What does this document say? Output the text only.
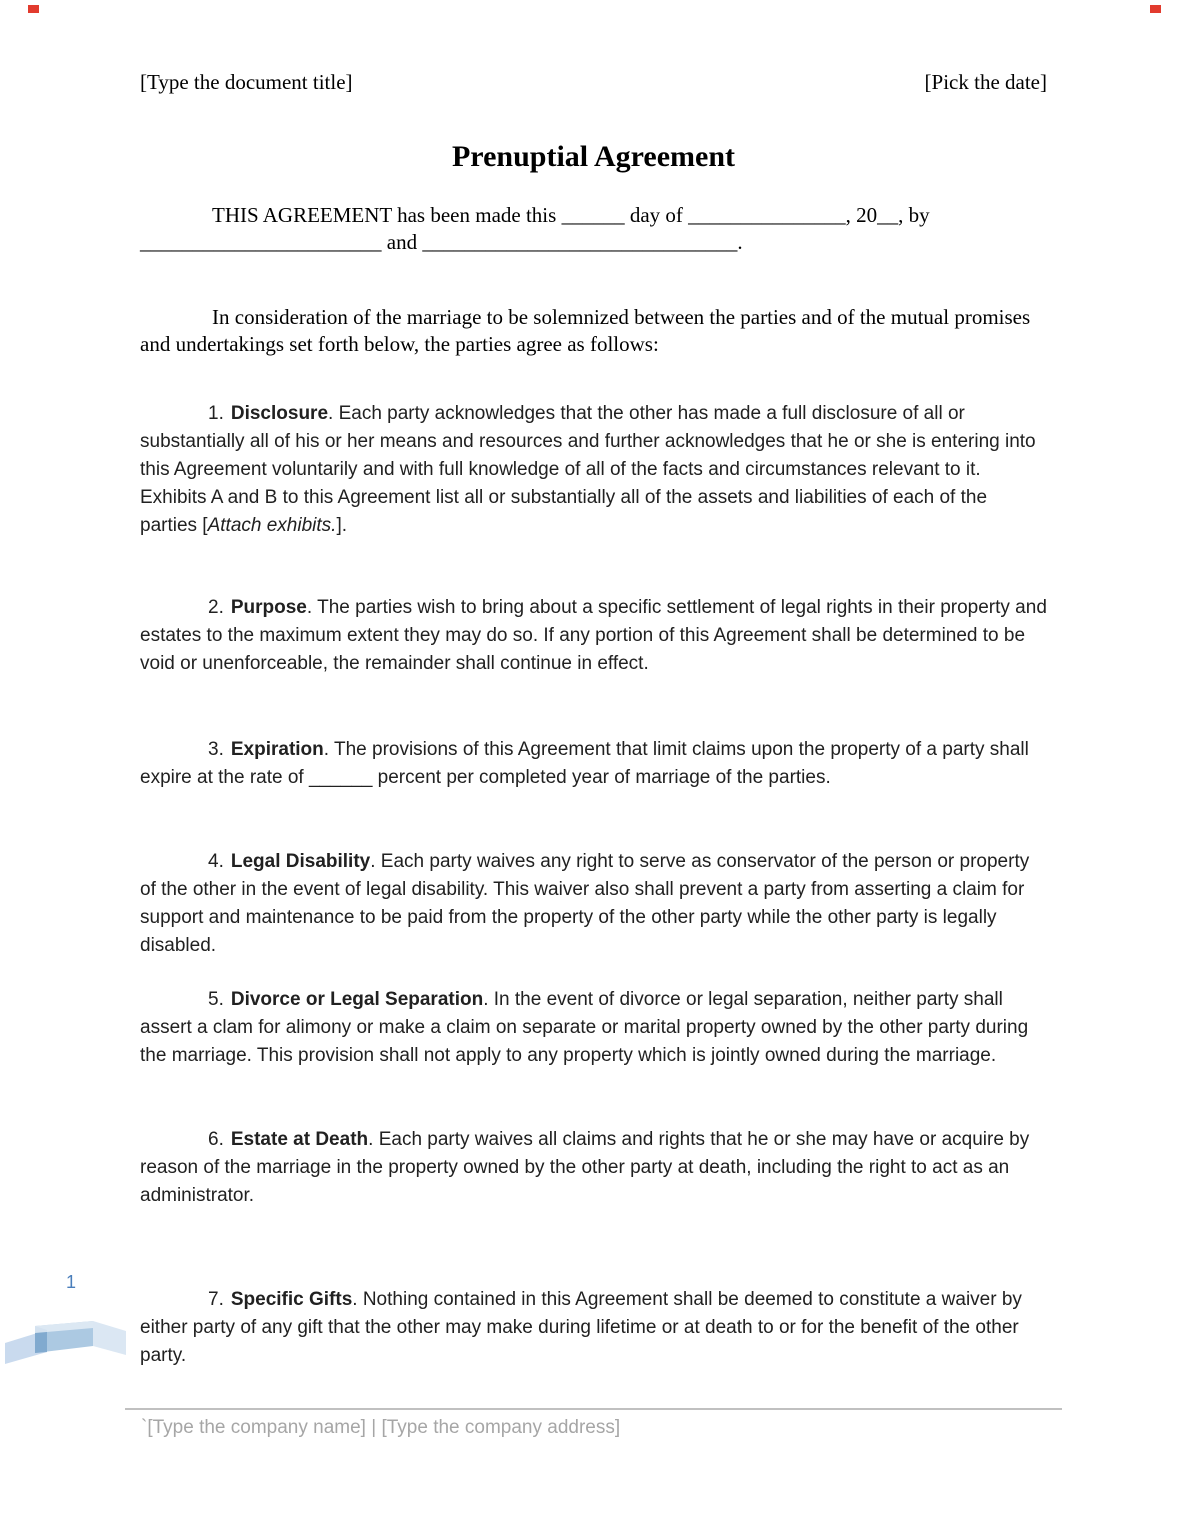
[Type the document title]	[Pick the date]
Prenuptial Agreement
THIS AGREEMENT has been made this ______ day of _______________, 20__, by
_______________________ and ______________________________.

In consideration of the marriage to be solemnized between the parties and of the mutual promises and undertakings set forth below, the parties agree as follows:

1. Disclosure. Each party acknowledges that the other has made a full disclosure of all or substantially all of his or her means and resources and further acknowledges that he or she is entering into this Agreement voluntarily and with full knowledge of all of the facts and circumstances relevant to it. Exhibits A and B to this Agreement list all or substantially all of the assets and liabilities of each of the parties [Attach exhibits.].

2. Purpose. The parties wish to bring about a specific settlement of legal rights in their property and estates to the maximum extent they may do so. If any portion of this Agreement shall be determined to be void or unenforceable, the remainder shall continue in effect.

3. Expiration. The provisions of this Agreement that limit claims upon the property of a party shall expire at the rate of ______ percent per completed year of marriage of the parties.

4. Legal Disability. Each party waives any right to serve as conservator of the person or property of the other in the event of legal disability. This waiver also shall prevent a party from asserting a claim for support and maintenance to be paid from the property of the other party while the other party is legally disabled.

5. Divorce or Legal Separation. In the event of divorce or legal separation, neither party shall assert a clam for alimony or make a claim on separate or marital property owned by the other party during the marriage. This provision shall not apply to any property which is jointly owned during the marriage.

6. Estate at Death. Each party waives all claims and rights that he or she may have or acquire by reason of the marriage in the property owned by the other party at death, including the right to act as an administrator.

7. Specific Gifts. Nothing contained in this Agreement shall be deemed to constitute a waiver by either party of any gift that the other may make during lifetime or at death to or for the benefit of the other party.

1
`[Type the company name] | [Type the company address]
